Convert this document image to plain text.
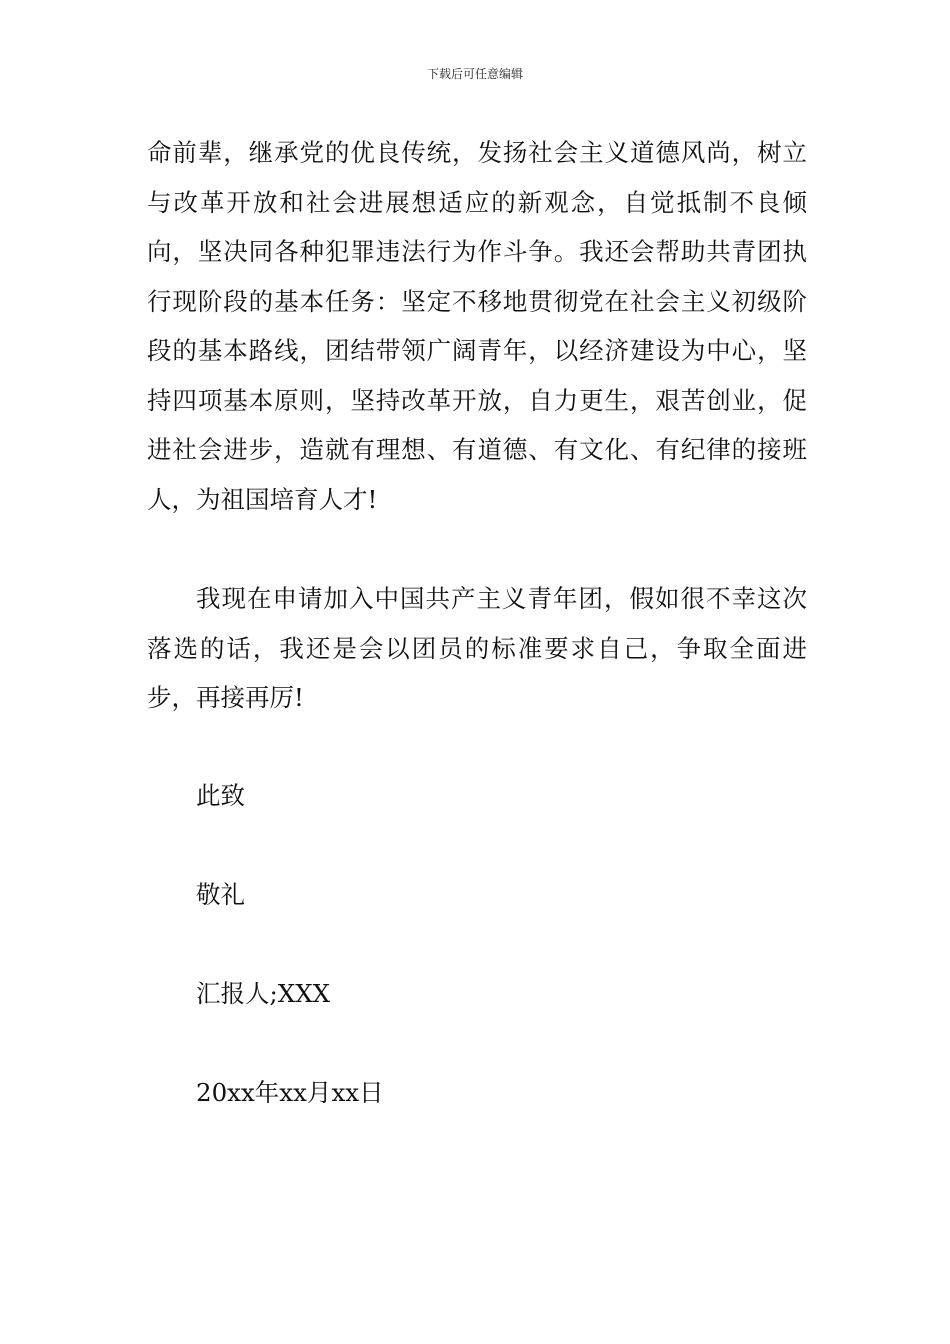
下载后可任意编辑

命前辈，继承党的优良传统，发扬社会主义道德风尚，树立与改革开放和社会进展想适应的新观念，自觉抵制不良倾向，坚决同各种犯罪违法行为作斗争。我还会帮助共青团执行现阶段的基本任务：坚定不移地贯彻党在社会主义初级阶段的基本路线，团结带领广阔青年，以经济建设为中心，坚持四项基本原则，坚持改革开放，自力更生，艰苦创业，促进社会进步，造就有理想、有道德、有文化、有纪律的接班人，为祖国培育人才!

我现在申请加入中国共产主义青年团，假如很不幸这次落选的话，我还是会以团员的标准要求自己，争取全面进步，再接再厉!

此致

敬礼

汇报人;XXX

20xx年xx月xx日
